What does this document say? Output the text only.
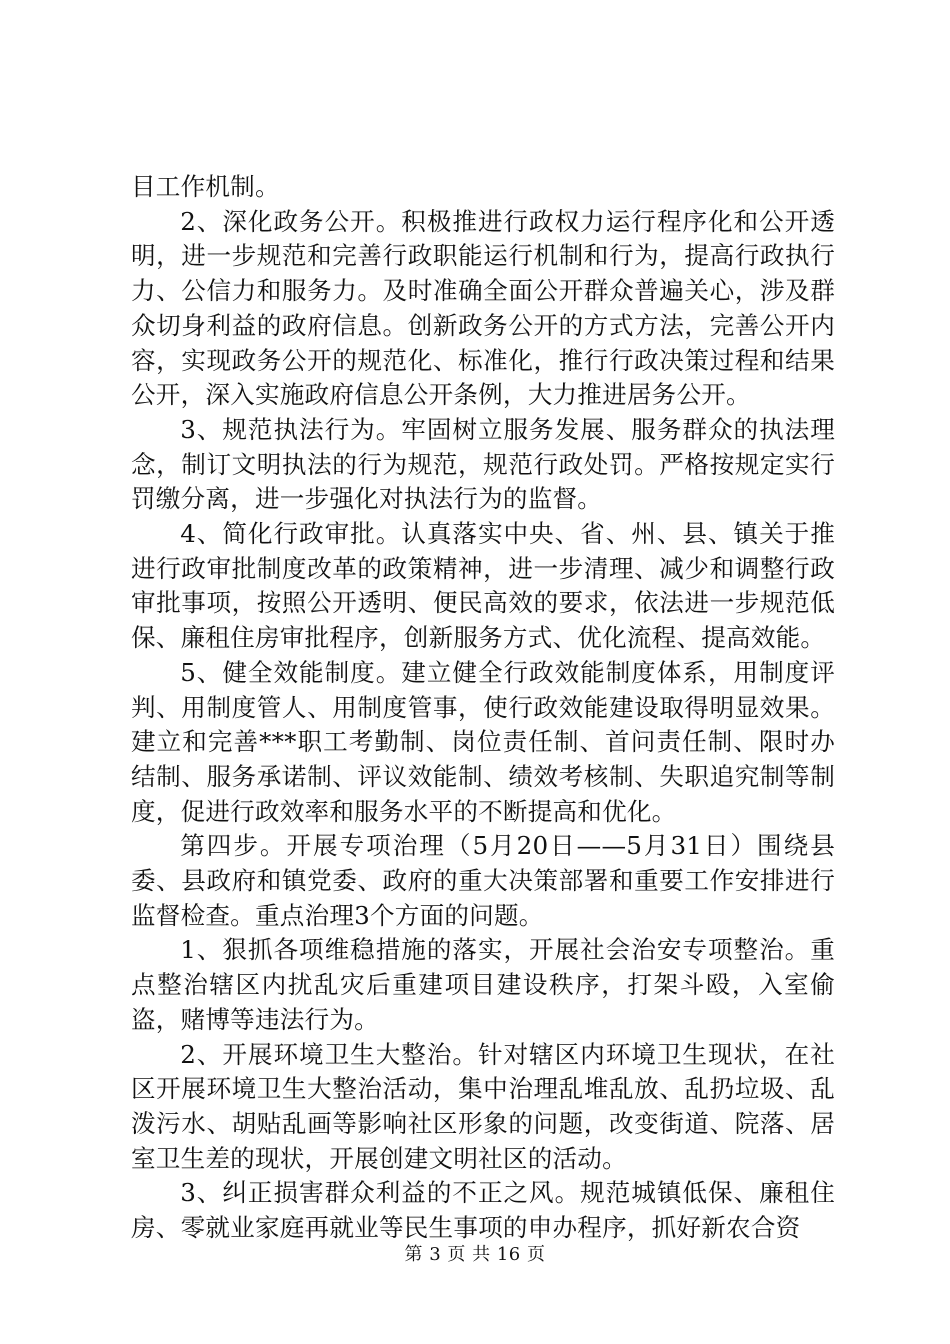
目工作机制。

2、深化政务公开。积极推进行政权力运行程序化和公开透明，进一步规范和完善行政职能运行机制和行为，提高行政执行力、公信力和服务力。及时准确全面公开群众普遍关心，涉及群众切身利益的政府信息。创新政务公开的方式方法，完善公开内容，实现政务公开的规范化、标准化，推行行政决策过程和结果公开，深入实施政府信息公开条例，大力推进居务公开。

3、规范执法行为。牢固树立服务发展、服务群众的执法理念，制订文明执法的行为规范，规范行政处罚。严格按规定实行罚缴分离，进一步强化对执法行为的监督。

4、简化行政审批。认真落实中央、省、州、县、镇关于推进行政审批制度改革的政策精神，进一步清理、减少和调整行政审批事项，按照公开透明、便民高效的要求，依法进一步规范低保、廉租住房审批程序，创新服务方式、优化流程、提高效能。

5、健全效能制度。建立健全行政效能制度体系，用制度评判、用制度管人、用制度管事，使行政效能建设取得明显效果。建立和完善***职工考勤制、岗位责任制、首问责任制、限时办结制、服务承诺制、评议效能制、绩效考核制、失职追究制等制度，促进行政效率和服务水平的不断提高和优化。

第四步。开展专项治理（5月20日——5月31日）围绕县委、县政府和镇党委、政府的重大决策部署和重要工作安排进行监督检查。重点治理3个方面的问题。

1、狠抓各项维稳措施的落实，开展社会治安专项整治。重点整治辖区内扰乱灾后重建项目建设秩序，打架斗殴，入室偷盗，赌博等违法行为。

2、开展环境卫生大整治。针对辖区内环境卫生现状，在社区开展环境卫生大整治活动，集中治理乱堆乱放、乱扔垃圾、乱泼污水、胡贴乱画等影响社区形象的问题，改变街道、院落、居室卫生差的现状，开展创建文明社区的活动。

3、纠正损害群众利益的不正之风。规范城镇低保、廉租住房、零就业家庭再就业等民生事项的申办程序，抓好新农合资

第 3 页 共 16 页
